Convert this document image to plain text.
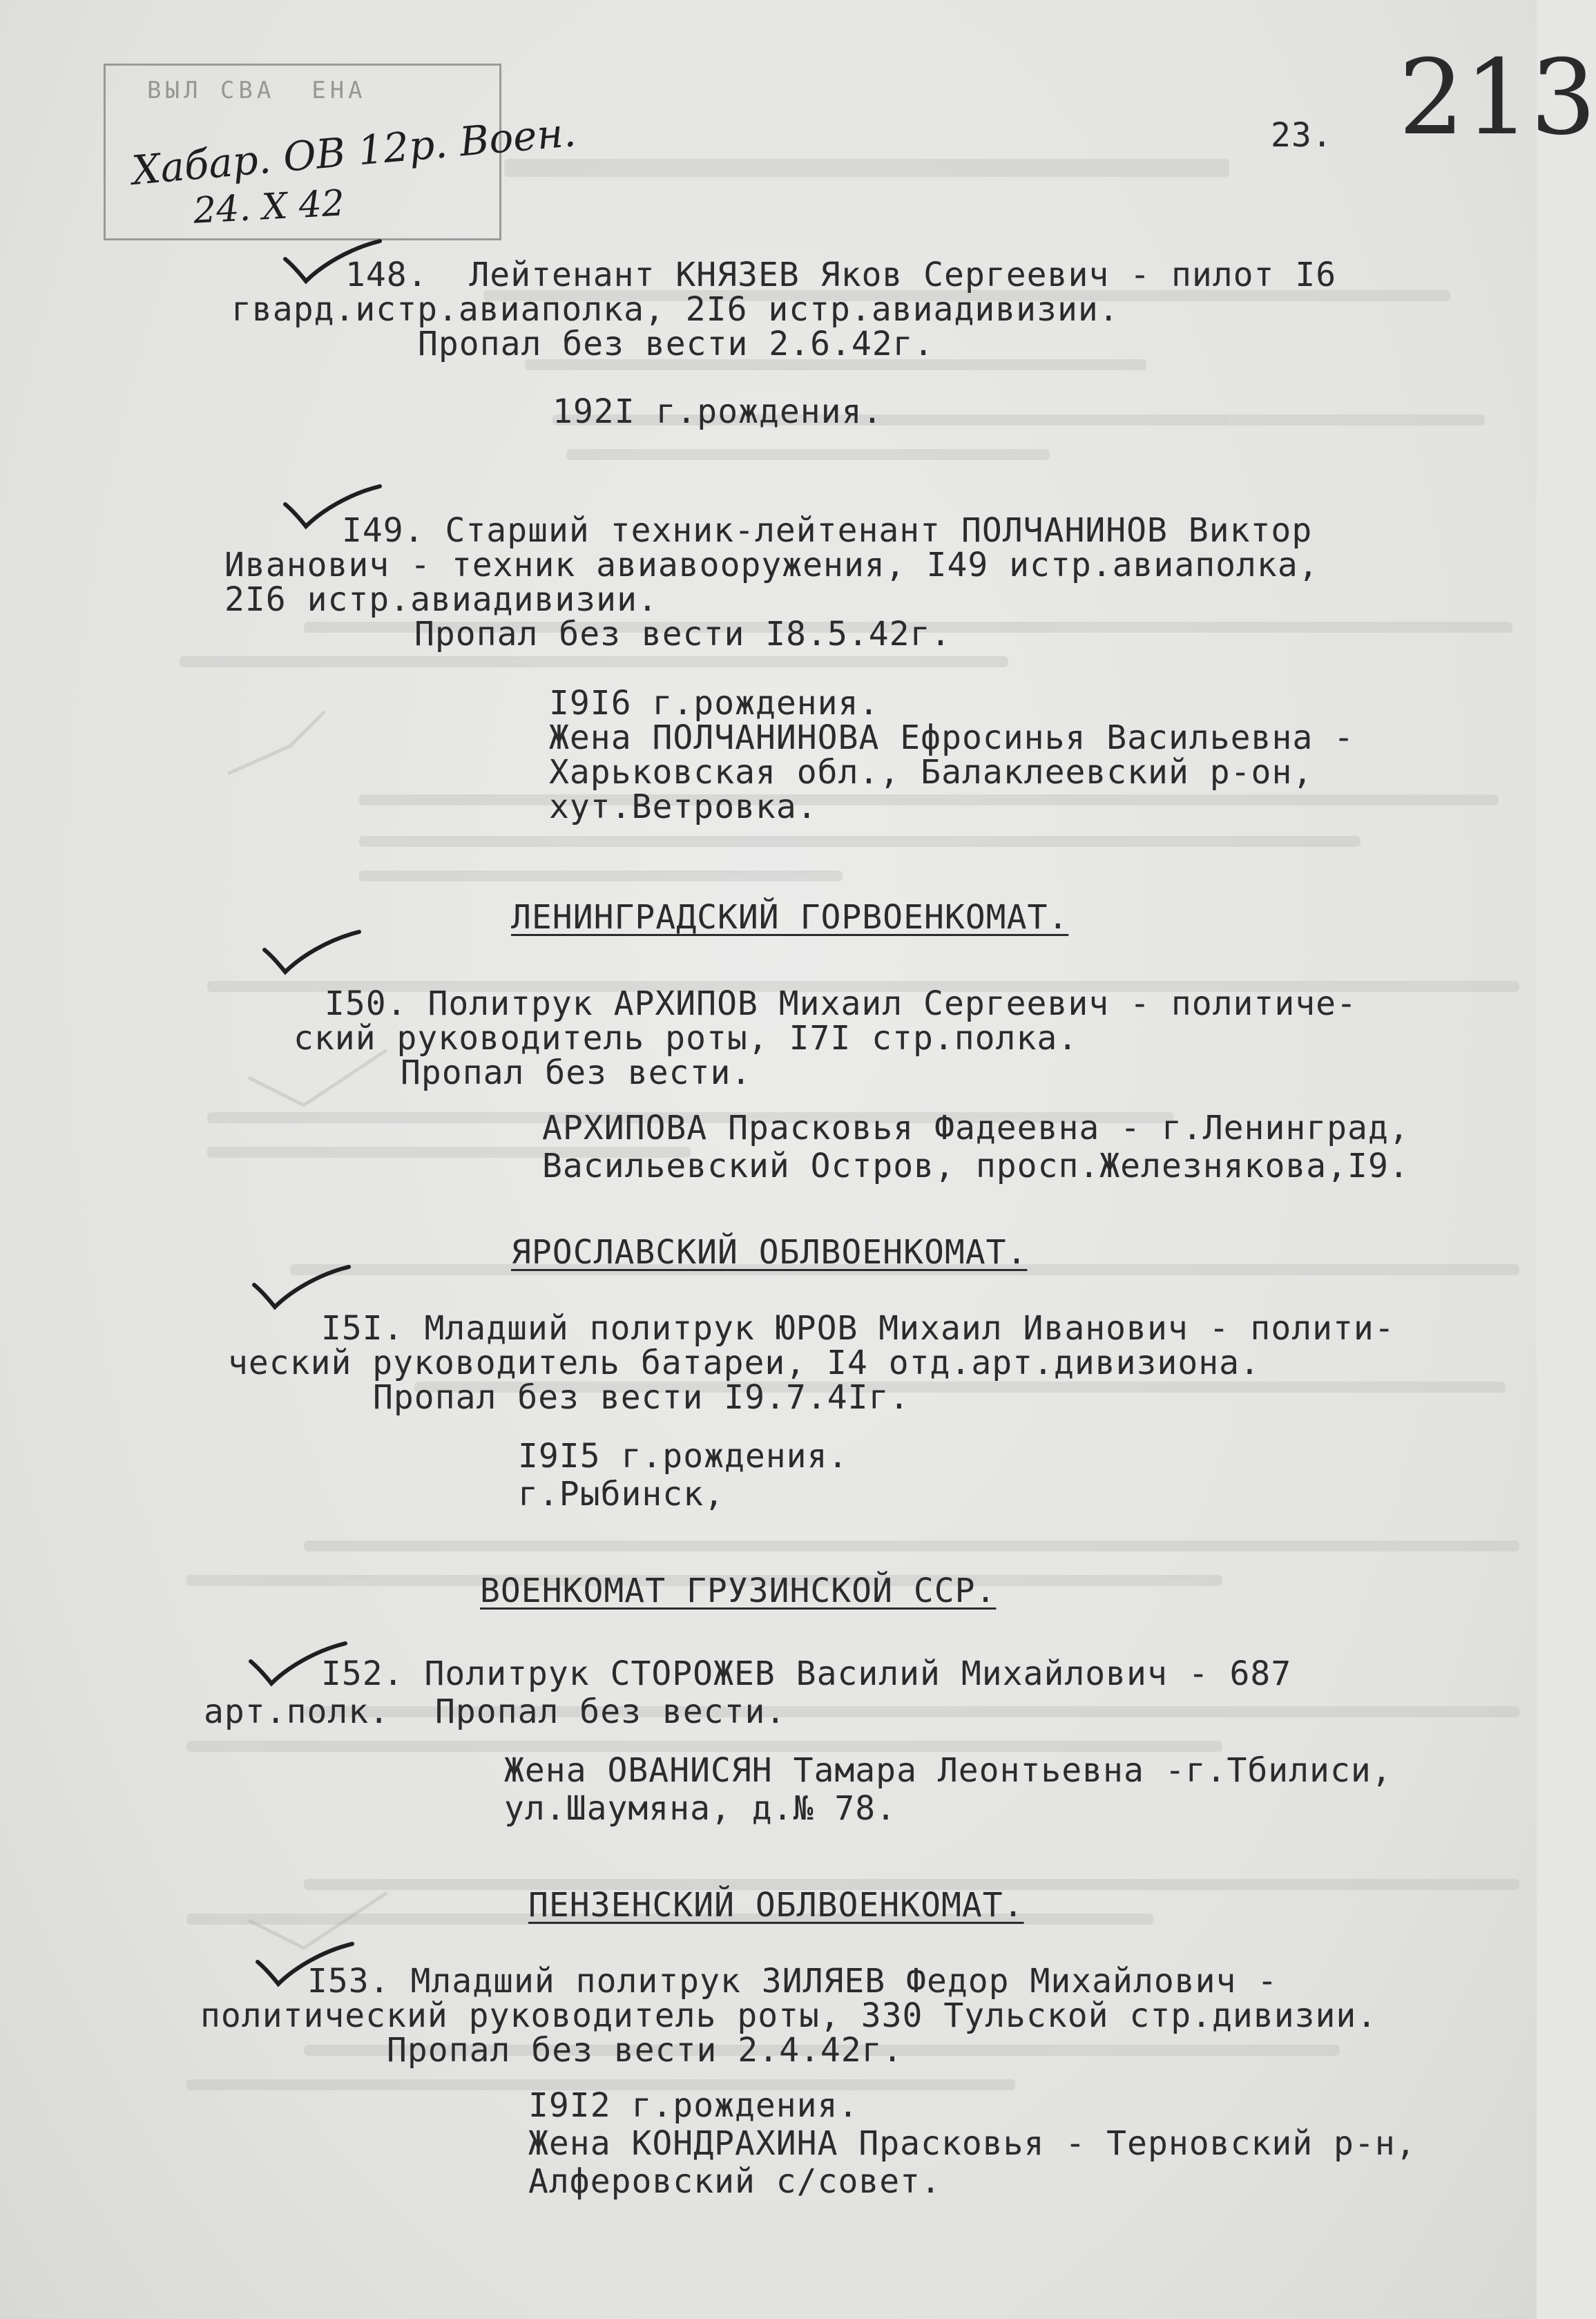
ВЫЛ СВА  ЕНА
Хабар. ОВ 12р. Воен.
24. Х 42
23. 213
148.  Лейтенант КНЯЗЕВ Яков Сергеевич - пилот I6
гвард.истр.авиаполка, 2I6 истр.авиадивизии.
Пропал без вести 2.6.42г.
192I г.рождения.
I49. Старший техник-лейтенант ПОЛЧАНИНОВ Виктор
Иванович - техник авиавооружения, I49 истр.авиаполка,
2I6 истр.авиадивизии.
Пропал без вести I8.5.42г.
I9I6 г.рождения.
Жена ПОЛЧАНИНОВА Ефросинья Васильевна -
Харьковская обл., Балаклеевский р-он,
хут.Ветровка.
ЛЕНИНГРАДСКИЙ ГОРВОЕНКОМАТ.
I50. Политрук АРХИПОВ Михаил Сергеевич - политиче-
ский руководитель роты, I7I стр.полка.
Пропал без вести.
АРХИПОВА Прасковья Фадеевна - г.Ленинград,
Васильевский Остров, просп.Железнякова,I9.
ЯРОСЛАВСКИЙ ОБЛВОЕНКОМАТ.
I5I. Младший политрук ЮРОВ Михаил Иванович - полити-
ческий руководитель батареи, I4 отд.арт.дивизиона.
Пропал без вести I9.7.4Iг.
I9I5 г.рождения.
г.Рыбинск,
ВОЕНКОМАТ ГРУЗИНСКОЙ ССР.
I52. Политрук СТОРОЖЕВ Василий Михайлович - 687
арт.полк. Пропал без вести.
Жена ОВАНИСЯН Тамара Леонтьевна -г.Тбилиси,
ул.Шаумяна, д.№ 78.
ПЕНЗЕНСКИЙ ОБЛВОЕНКОМАТ.
I53. Младший политрук ЗИЛЯЕВ Федор Михайлович -
политический руководитель роты, 330 Тульской стр.дивизии.
Пропал без вести 2.4.42г.
I9I2 г.рождения.
Жена КОНДРАХИНА Прасковья - Терновский р-н,
Алферовский с/совет.
